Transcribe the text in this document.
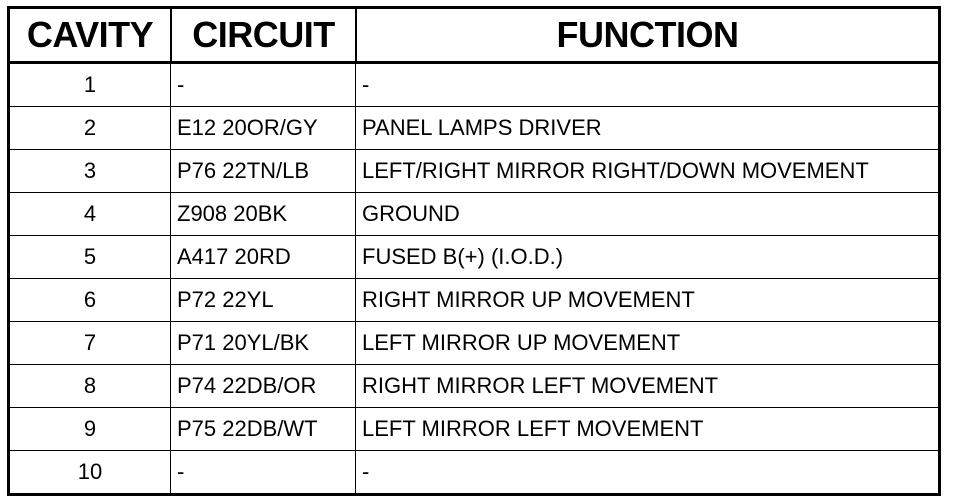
CAVITY	CIRCUIT	FUNCTION
1	-	-
2	E12 20OR/GY	PANEL LAMPS DRIVER
3	P76 22TN/LB	LEFT/RIGHT MIRROR RIGHT/DOWN MOVEMENT
4	Z908 20BK	GROUND
5	A417 20RD	FUSED B(+) (I.O.D.)
6	P72 22YL	RIGHT MIRROR UP MOVEMENT
7	P71 20YL/BK	LEFT MIRROR UP MOVEMENT
8	P74 22DB/OR	RIGHT MIRROR LEFT MOVEMENT
9	P75 22DB/WT	LEFT MIRROR LEFT MOVEMENT
10	-	-
